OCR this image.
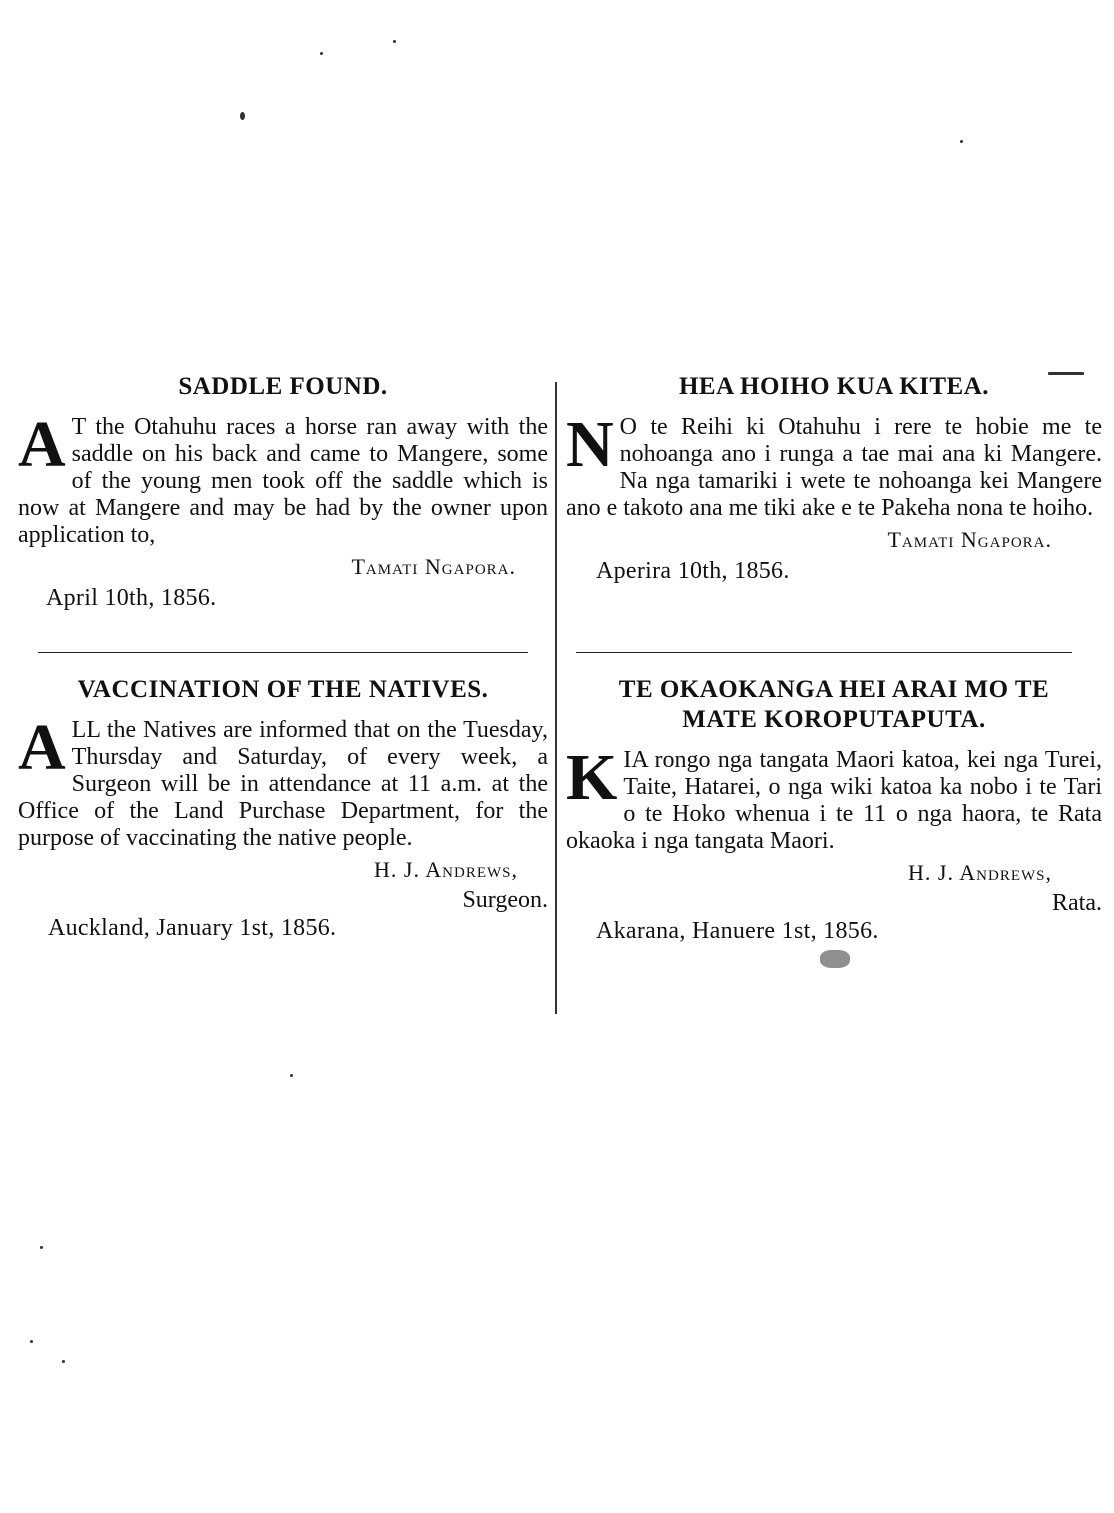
SADDLE FOUND.
A T the Otahuhu races a horse ran away with the saddle on his back and came to Mangere, some of the young men took off the saddle which is now at Mangere and may be had by the owner upon application to,

Tamati Ngapora.
April 10th, 1856.
VACCINATION OF THE NATIVES.
A LL the Natives are informed that on the Tuesday, Thursday and Saturday, of every week, a Surgeon will be in attendance at 11 a.m. at the Office of the Land Purchase Department, for the purpose of vaccinating the native people.

H. J. Andrews,
Surgeon.
Auckland, January 1st, 1856.
HEA HOIHO KUA KITEA.
N O te Reihi ki Otahuhu i rere te hobie me te nohoanga ano i runga a tae mai ana ki Mangere. Na nga tamariki i wete te nohoanga kei Mangere ano e takoto ana me tiki ake e te Pakeha nona te hoiho.

Tamati Ngapora.
Aperira 10th, 1856.
TE OKAOKANGA HEI ARAI MO TE
MATE KOROPUTAPUTA.
K IA rongo nga tangata Maori katoa, kei nga Turei, Taite, Hatarei, o nga wiki katoa ka nobo i te Tari o te Hoko whenua i te 11 o nga haora, te Rata okaoka i nga tangata Maori.

H. J. Andrews,
Rata.
Akarana, Hanuere 1st, 1856.
